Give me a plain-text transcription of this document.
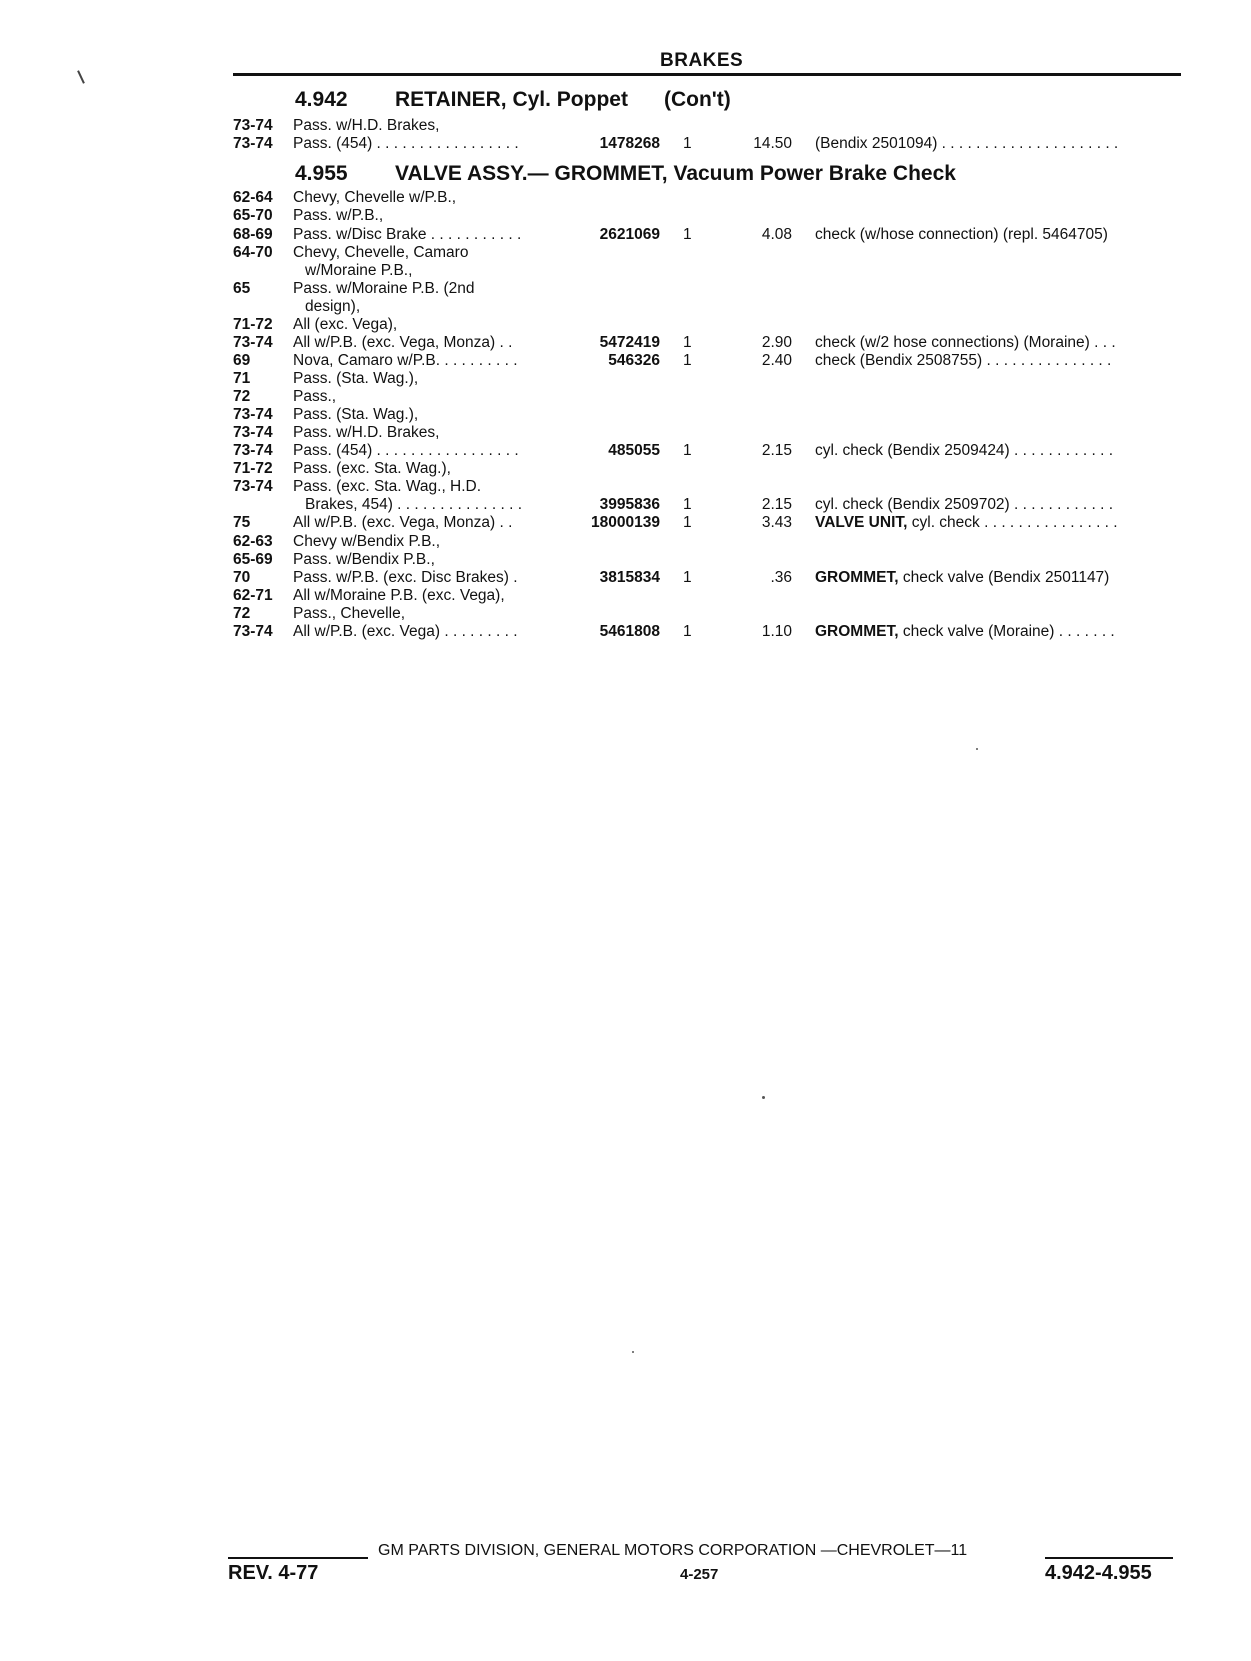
BRAKES
4.942 RETAINER, Cyl. Poppet (Con't)
4.955 VALVE ASSY.— GROMMET, Vacuum Power Brake Check
73-74 Pass. w/H.D. Brakes,
73-74 Pass. (454) . . . . . . . . . . . . . . . . .	1478268 1	14.50 (Bendix 2501094) . . . . . . . . . . . . . . . . . . . . .
62-64 Chevy, Chevelle w/P.B.,
65-70 Pass. w/P.B.,
68-69 Pass. w/Disc Brake . . . . . . . . . . .	2621069 1	4.08 check (w/hose connection) (repl. 5464705)
64-70 Chevy, Chevelle, Camaro
w/Moraine P.B.,
65	Pass. w/Moraine P.B. (2nd
design),
71-72 All (exc. Vega),
73-74 All w/P.B. (exc. Vega, Monza) . .	5472419 1	2.90 check (w/2 hose connections) (Moraine) . . .
69	Nova, Camaro w/P.B. . . . . . . . . .	546326 1	2.40 check (Bendix 2508755) . . . . . . . . . . . . . . .
71	Pass. (Sta. Wag.),
72	Pass.,
73-74 Pass. (Sta. Wag.),
73-74 Pass. w/H.D. Brakes,
73-74 Pass. (454) . . . . . . . . . . . . . . . . .	485055 1	2.15 cyl. check (Bendix 2509424) . . . . . . . . . . . .
71-72 Pass. (exc. Sta. Wag.),
73-74 Pass. (exc. Sta. Wag., H.D.
Brakes, 454) . . . . . . . . . . . . . . .	3995836 1	2.15 cyl. check (Bendix 2509702) . . . . . . . . . . . .
75	All w/P.B. (exc. Vega, Monza) . .	18000139 1	3.43 VALVE UNIT, cyl. check . . . . . . . . . . . . . . . .
62-63 Chevy w/Bendix P.B.,
65-69 Pass. w/Bendix P.B.,
70	Pass. w/P.B. (exc. Disc Brakes) .	3815834 1	.36 GROMMET, check valve (Bendix 2501147)
62-71 All w/Moraine P.B. (exc. Vega),
72	Pass., Chevelle,
73-74 All w/P.B. (exc. Vega) . . . . . . . . .	5461808 1	1.10 GROMMET, check valve (Moraine) . . . . . . .
GM PARTS DIVISION, GENERAL MOTORS CORPORATION —CHEVROLET—11
REV. 4-77	4-257	4.942-4.955
